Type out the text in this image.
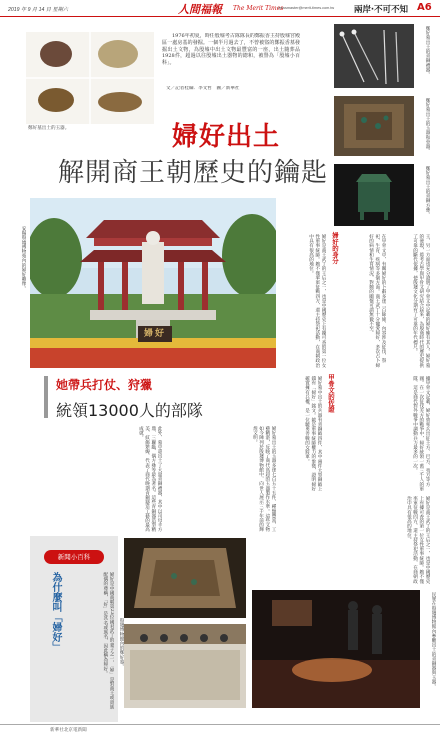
2019 年 9 月 14 日 星期六	人間福報 The Merit Times
newsmaster@merit-times.com.tw 兩岸‧不可不知 A6
鄭好墓出土的玉器。
1976年初夏，時任殷墟考古隊隊長的鄭振香主持殷墟宮殿區一處房基的發掘。一個半月過去了，不曾被盜的鄭振香墓發掘出土文物，為殷墟中出土文物最豐富的一座，出土隨葬品1928件，超過以往殷墟出土器物的總和，被譽為「殷墟小百科」。
文／記者桂綸．李文哲　圖／新華社
鄭好墓出土的青銅禮器。
鄭好墓出土的玉器和骨器。
鄭好墓出土的青銅方彝。
婦好出土
解開商王朝歷史的鑰匙
婦好
安陽殷墟博物苑內的婦好雕像。	王，另一方面也充分證明了甲骨文中記載的婦好確有其人。婦好墓的發現，將考古學與甲骨文研究結合起來，為殷商時代的歷史提供了可靠的斷代依據，使殷墟文化分期有了可靠的年代標尺。
婦好的身分	在甲骨文中，有關婦好的卜辭多達二百餘條，內容涉及征伐、祭祀、生育、疾病等多個方面。商王武丁十分寵愛婦好，多次占卜婦好的病情和生育情況，對她的關懷可謂無微不至。
婦好是商王武丁的王后之一，也是中國歷史上有據可查的第一位女性軍事統帥。她不僅率軍征戰四方，還主持祭祀活動，在商朝政治中具有很高的地位。
甲骨文的佐證	據甲骨文記載，婦好曾率兵出征土方、巴方、夷方等方國。在一次征伐羌方的戰爭中，婦好統領一萬三千人的軍隊，這是商代對外戰爭中調動兵力最多的一次。
婦好墓中出土的兵器有青銅鉞四件，其中兩件大型銅鉞上鑄有「婦好」銘文。鉞是軍事統帥權力的象徵，證明婦好確實擁有兵權，是一位驍勇善戰的女將軍。
她帶兵打仗、狩獵
統領13000人的部隊
婦好墓出土的玉器多達七百五十五件，種類豐富，工藝精湛，反映了商代高超的玉器製作水準。這些文物如今陳列於殷墟博物館中，向世人展示三千年前的輝煌文明。
此外，墓中還出土了大量青銅禮器，其中以司母辛方鼎、三聯甗、偶方彝等最為著名。這些青銅器造型精美、紋飾繁縟，代表了商代晚期青銅鑄造工藝的最高成就。
婦好是商王武丁的王后之一，也是中國歷史上有據可查的第一位女性軍事統帥。她不僅率軍征戰四方，還主持祭祀活動，在商朝政治中具有很高的地位。
新聞小百科
為什麼叫「婦好」	婦好是中國商朝第23位國君武丁的妻子之一，「婦」是對商王或貴族配偶的尊稱，「好」是其名或族名，因此稱為婦好。	殷墟博物館內的鄭好墓。	民眾在殷墟博物館內參觀出土的青銅器與玉器。
新華社北京電新聞
